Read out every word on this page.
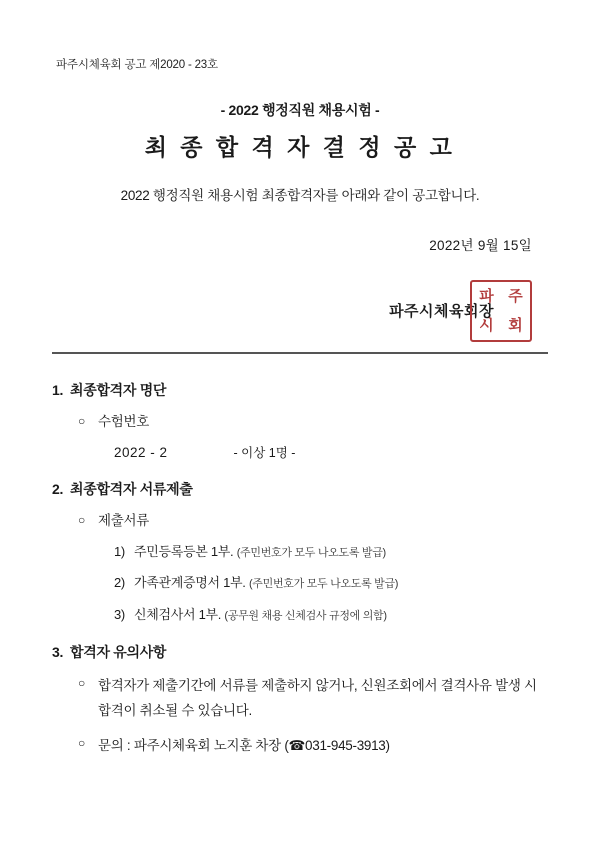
파주시체육회 공고 제2020 - 23호
- 2022 행정직원 채용시험 -
최 종 합 격 자 결 정 공 고
2022 행정직원 채용시험 최종합격자를 아래와 같이 공고합니다.
2022년 9월 15일
파주시체육회장
파 주
시 회
1. 최종합격자 명단
○ 수험번호
2022 - 2	- 이상 1명 -
2. 최종합격자 서류제출
○ 제출서류
1) 주민등록등본 1부. (주민번호가 모두 나오도록 발급)
2) 가족관계증명서 1부. (주민번호가 모두 나오도록 발급)
3) 신체검사서 1부. (공무원 채용 신체검사 규정에 의함)
3. 합격자 유의사항
○ 합격자가 제출기간에 서류를 제출하지 않거나, 신원조회에서 결격사유 발생 시 합격이 취소될 수 있습니다.
○ 문의 : 파주시체육회 노지훈 차장 (☎031-945-3913)
